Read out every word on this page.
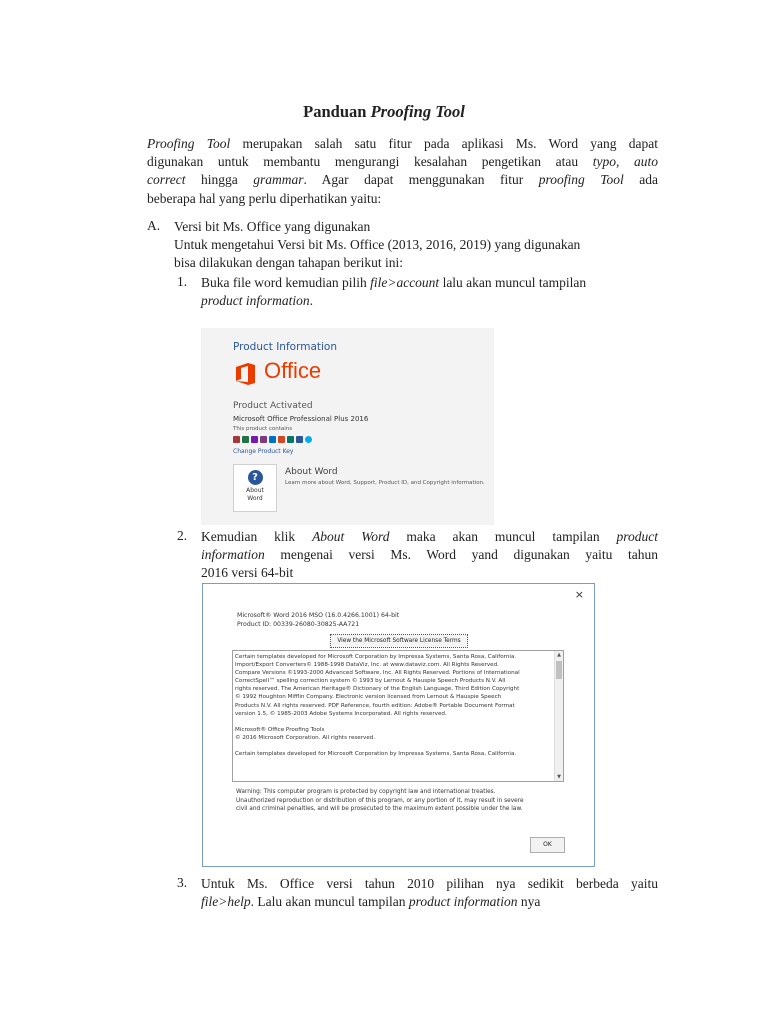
Panduan Proofing Tool
Proofing Tool merupakan salah satu fitur pada aplikasi Ms. Word yang dapat
digunakan untuk membantu mengurangi kesalahan pengetikan atau typo, auto
correct hingga grammar. Agar dapat menggunakan fitur proofing Tool ada
beberapa hal yang perlu diperhatikan yaitu:
A. Versi bit Ms. Office yang digunakan
Untuk mengetahui Versi bit Ms. Office (2013, 2016, 2019) yang digunakan
bisa dilakukan dengan tahapan berikut ini:
1. Buka file word kemudian pilih file>account lalu akan muncul tampilan
product information.
Product Information
Office
Product Activated
Microsoft Office Professional Plus 2016
This product contains
Change Product Key
?
About Word
About Word
Learn more about Word, Support, Product ID, and Copyright information.
2. Kemudian klik About Word maka akan muncul tampilan product
information mengenai versi Ms. Word yand digunakan yaitu tahun
2016 versi 64-bit
×
Microsoft® Word 2016 MSO (16.0.4266.1001) 64-bit
Product ID: 00339-26080-30825-AA721
View the Microsoft Software License Terms

Certain templates developed for Microsoft Corporation by Impressa Systems, Santa Rosa, California.

Import/Export Converters© 1988-1998 DataViz, Inc. at www.dataviz.com. All Rights Reserved.

Compare Versions ©1993-2000 Advanced Software, Inc. All Rights Reserved. Portions of International

CorrectSpell™ spelling correction system © 1993 by Lernout & Hauspie Speech Products N.V. All

rights reserved. The American Heritage® Dictionary of the English Language, Third Edition Copyright

© 1992 Houghton Mifflin Company. Electronic version licensed from Lernout & Hauspie Speech

Products N.V. All rights reserved. PDF Reference, fourth edition: Adobe® Portable Document Format

version 1.5, © 1985-2003 Adobe Systems Incorporated. All rights reserved.

Microsoft® Office Proofing Tools

© 2016 Microsoft Corporation. All rights reserved.

Certain templates developed for Microsoft Corporation by Impressa Systems, Santa Rosa, California.

▲
▼

Warning: This computer program is protected by copyright law and international treaties.

Unauthorized reproduction or distribution of this program, or any portion of it, may result in severe

civil and criminal penalties, and will be prosecuted to the maximum extent possible under the law.

OK
3. Untuk Ms. Office versi tahun 2010 pilihan nya sedikit berbeda yaitu
file>help. Lalu akan muncul tampilan product information nya
